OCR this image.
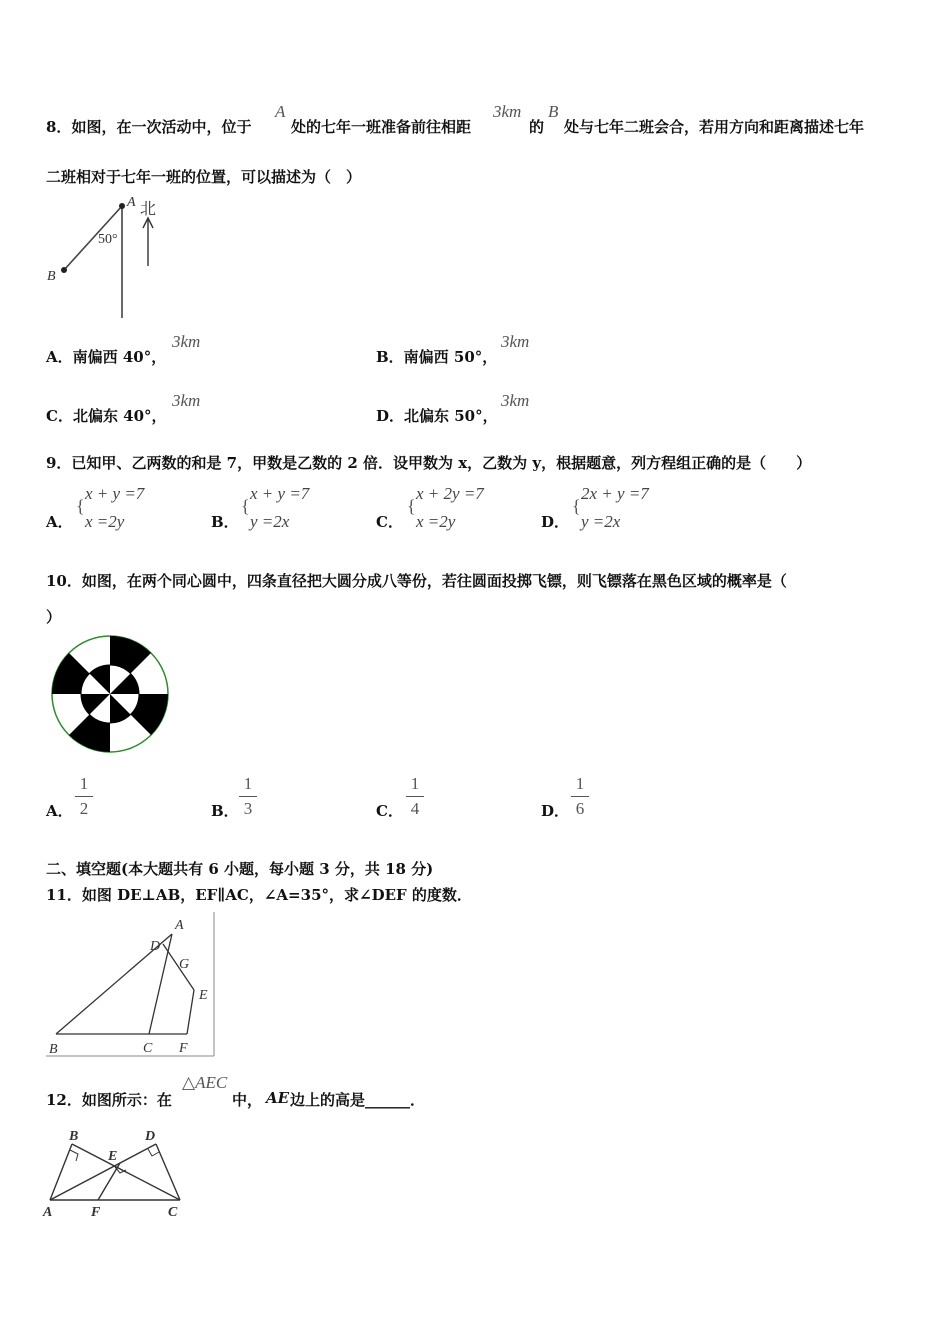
8．如图，在一次活动中，位于
A
处的七年一班准备前往相距
3km
的
B
处与七年二班会合，若用方向和距离描述七年
二班相对于七年一班的位置，可以描述为（　）
A
B
北
50°
A．南偏西 40°，
3km
B．南偏西 50°，
3km
C．北偏东 40°，
3km
D．北偏东 50°，
3km
9．已知甲、乙两数的和是 7，甲数是乙数的 2 倍．设甲数为 x，乙数为 y，根据题意，列方程组正确的是（　　）
A．
{
x + y =7
x =2y	B．
{
x + y =7
y =2x	C．
{
x + 2y =7
x =2y	D．
{
2x + y =7
y =2x
10．如图，在两个同心圆中，四条直径把大圆分成八等份，若往圆面投掷飞镖，则飞镖落在黑色区域的概率是（
）
A．
1
2	B．
1
3	C．
1
4	D．
1
6
二、填空题(本大题共有 6 小题，每小题 3 分，共 18 分)
11．如图 DE⊥AB，EF∥AC，∠A=35°，求∠DEF 的度数．
A
D
G
E
B	C F
12．如图所示：在
△AEC
中， AE 边上的高是______．
B	D
E
A	F	C
